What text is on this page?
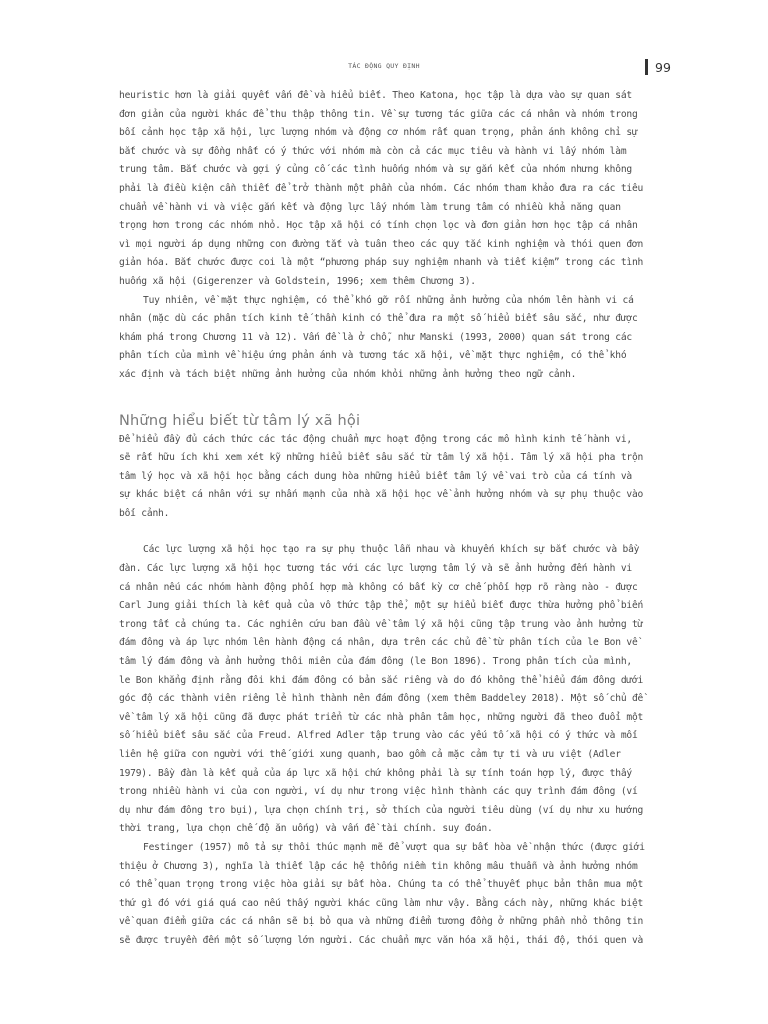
TÁC ĐỘNG QUY ĐỊNH	99

heuristic hơn là giải quyết vấn đề và hiểu biết. Theo Katona, học tập là dựa vào sự quan sát đơn giản của người khác để thu thập thông tin. Về sự tương tác giữa các cá nhân và nhóm trong bối cảnh học tập xã hội, lực lượng nhóm và động cơ nhóm rất quan trọng, phản ánh không chỉ sự bắt chước và sự đồng nhất có ý thức với nhóm mà còn cả các mục tiêu và hành vi lấy nhóm làm trung tâm. Bắt chước và gợi ý củng cố các tình huống nhóm và sự gắn kết của nhóm nhưng không phải là điều kiện cần thiết để trở thành một phần của nhóm. Các nhóm tham khảo đưa ra các tiêu chuẩn về hành vi và việc gắn kết và động lực lấy nhóm làm trung tâm có nhiều khả năng quan trọng hơn trong các nhóm nhỏ. Học tập xã hội có tính chọn lọc và đơn giản hơn học tập cá nhân vì mọi người áp dụng những con đường tắt và tuân theo các quy tắc kinh nghiệm và thói quen đơn giản hóa. Bắt chước được coi là một “phương pháp suy nghiệm nhanh và tiết kiệm” trong các tình huống xã hội (Gigerenzer và Goldstein, 1996; xem thêm Chương 3).

Tuy nhiên, về mặt thực nghiệm, có thể khó gỡ rối những ảnh hưởng của nhóm lên hành vi cá nhân (mặc dù các phân tích kinh tế thần kinh có thể đưa ra một số hiểu biết sâu sắc, như được khám phá trong Chương 11 và 12). Vấn đề là ở chỗ, như Manski (1993, 2000) quan sát trong các phân tích của mình về hiệu ứng phản ánh và tương tác xã hội, về mặt thực nghiệm, có thể khó xác định và tách biệt những ảnh hưởng của nhóm khỏi những ảnh hưởng theo ngữ cảnh.

Những hiểu biết từ tâm lý xã hội

Để hiểu đầy đủ cách thức các tác động chuẩn mực hoạt động trong các mô hình kinh tế hành vi, sẽ rất hữu ích khi xem xét kỹ những hiểu biết sâu sắc từ tâm lý xã hội. Tâm lý xã hội pha trộn tâm lý học và xã hội học bằng cách dung hòa những hiểu biết tâm lý về vai trò của cá tính và sự khác biệt cá nhân với sự nhấn mạnh của nhà xã hội học về ảnh hưởng nhóm và sự phụ thuộc vào bối cảnh.

Các lực lượng xã hội học tạo ra sự phụ thuộc lẫn nhau và khuyến khích sự bắt chước và bầy đàn. Các lực lượng xã hội học tương tác với các lực lượng tâm lý và sẽ ảnh hưởng đến hành vi cá nhân nếu các nhóm hành động phối hợp mà không có bất kỳ cơ chế phối hợp rõ ràng nào - được Carl Jung giải thích là kết quả của vô thức tập thể, một sự hiểu biết được thừa hưởng phổ biến trong tất cả chúng ta. Các nghiên cứu ban đầu về tâm lý xã hội cũng tập trung vào ảnh hưởng từ đám đông và áp lực nhóm lên hành động cá nhân, dựa trên các chủ đề từ phân tích của le Bon về tâm lý đám đông và ảnh hưởng thôi miên của đám đông (le Bon 1896). Trong phân tích của mình, le Bon khẳng định rằng đôi khi đám đông có bản sắc riêng và do đó không thể hiểu đám đông dưới góc độ các thành viên riêng lẻ hình thành nên đám đông (xem thêm Baddeley 2018). Một số chủ đề về tâm lý xã hội cũng đã được phát triển từ các nhà phân tâm học, những người đã theo đuổi một số hiểu biết sâu sắc của Freud. Alfred Adler tập trung vào các yếu tố xã hội có ý thức và mối liên hệ giữa con người với thế giới xung quanh, bao gồm cả mặc cảm tự ti và ưu việt (Adler 1979). Bầy đàn là kết quả của áp lực xã hội chứ không phải là sự tính toán hợp lý, được thấy trong nhiều hành vi của con người, ví dụ như trong việc hình thành các quy trình đám đông (ví dụ như đám đông tro bụi), lựa chọn chính trị, sở thích của người tiêu dùng (ví dụ như xu hướng thời trang, lựa chọn chế độ ăn uống) và vấn đề tài chính. suy đoán.

Festinger (1957) mô tả sự thôi thúc mạnh mẽ để vượt qua sự bất hòa về nhận thức (được giới thiệu ở Chương 3), nghĩa là thiết lập các hệ thống niềm tin không mâu thuẫn và ảnh hưởng nhóm có thể quan trọng trong việc hòa giải sự bất hòa. Chúng ta có thể thuyết phục bản thân mua một thứ gì đó với giá quá cao nếu thấy người khác cũng làm như vậy. Bằng cách này, những khác biệt về quan điểm giữa các cá nhân sẽ bị bỏ qua và những điểm tương đồng ở những phần nhỏ thông tin sẽ được truyền đến một số lượng lớn người. Các chuẩn mực văn hóa xã hội, thái độ, thói quen và
